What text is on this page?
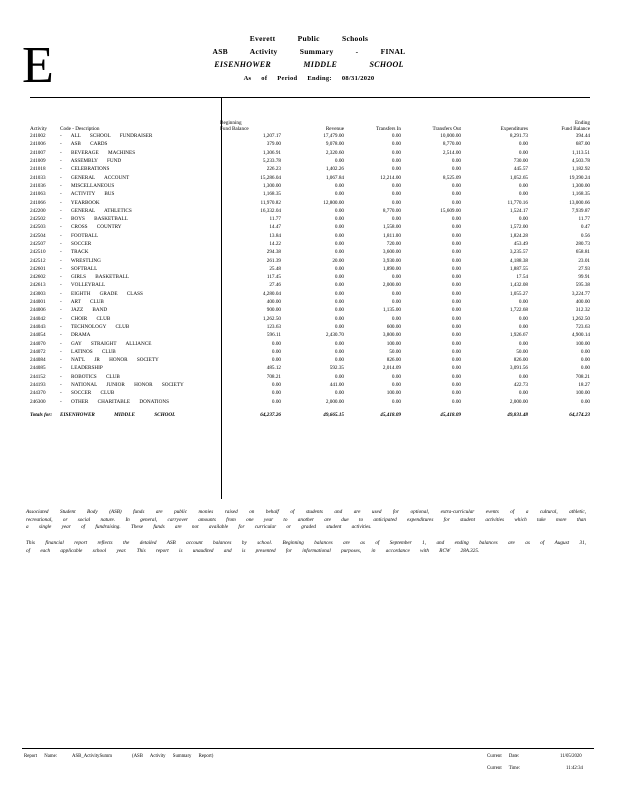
E	Everett Public Schools
ASB Activity Summary - FINAL
EISENHOWER MIDDLE SCHOOL
As of Period Ending: 08/31/2020
Activity	Code - Description	Beginning
Fund Balance	Revenue	Transfers In	Transfers Out	Expenditures	Ending
Fund Balance
241002	- ALL SCHOOL FUNDRAISER	1,207.17	17,479.00	0.00	10,000.00	8,291.73	394.44
241006	- ASB CARDS	379.00	9,078.00	0.00	8,770.00	0.00	687.00
241007	- BEVERAGE MACHINES	1,306.91	2,320.60	0.00	2,514.00	0.00	1,113.51
241009	- ASSEMBLY FUND	5,233.78	0.00	0.00	0.00	730.00	4,503.78
241018	- CELEBRATIONS	226.23	1,402.26	0.00	0.00	445.57	1,182.92
241033	- GENERAL ACCOUNT	15,286.04	1,067.84	12,214.00	8,525.09	1,052.65	19,390.24
241036	- MISCELLANEOUS	1,300.00	0.00	0.00	0.00	0.00	1,300.00
241063	- ACTIVITY BUS	1,168.35	0.00	0.00	0.00	0.00	1,168.35
241066	- YEARBOOK	11,970.82	12,800.00	0.00	0.00	11,770.16	13,000.66
242200	- GENERAL ATHLETICS	16,332.04	0.00	8,770.00	15,609.00	1,524.17	7,939.87
242502	- BOYS BASKETBALL	11.77	0.00	0.00	0.00	0.00	11.77
242503	- CROSS COUNTRY	14.47	0.00	1,558.00	0.00	1,572.00	0.47
242504	- FOOTBALL	13.84	0.00	1,811.00	0.00	1,824.28	0.56
242507	- SOCCER	14.22	0.00	720.00	0.00	453.49	280.73
242510	- TRACK	294.38	0.00	3,600.00	0.00	3,235.57	658.81
242512	- WRESTLING	261.39	20.00	3,930.00	0.00	4,188.38	23.01
242601	- SOFTBALL	25.48	0.00	1,890.00	0.00	1,887.55	27.93
242602	- GIRLS BASKETBALL	117.45	0.00	0.00	0.00	17.54	99.91
242613	- VOLLEYBALL	27.46	0.00	2,000.00	0.00	1,432.08	595.38
243003	- EIGHTH GRADE CLASS	4,280.04	0.00	0.00	0.00	1,055.27	3,224.77
244001	- ART CLUB	400.00	0.00	0.00	0.00	0.00	400.00
244006	- JAZZ BAND	900.00	0.00	1,135.00	0.00	1,722.68	312.32
244042	- CHOIR CLUB	1,262.50	0.00	0.00	0.00	0.00	1,262.50
244043	- TECHNOLOGY CLUB	123.63	0.00	600.00	0.00	0.00	723.63
244054	- DRAMA	596.11	2,430.70	3,800.00	0.00	1,926.67	4,900.14
244070	- GAY STRAIGHT ALLIANCE	0.00	0.00	100.00	0.00	0.00	100.00
244072	- LATINOS CLUB	0.00	0.00	50.00	0.00	50.00	0.00
244084	- NAT'L JR HONOR SOCIETY	0.00	0.00	826.00	0.00	826.00	0.00
244085	- LEADERSHIP	485.12	592.35	2,014.09	0.00	3,091.56	0.00
244152	- ROBOTICS CLUB	708.21	0.00	0.00	0.00	0.00	708.21
244193	- NATIONAL JUNIOR HONOR SOCIETY	0.00	441.00	0.00	0.00	422.73	18.27
244370	- SOCCER CLUB	0.00	0.00	100.00	0.00	0.00	100.00
246300	- OTHER CHARITABLE DONATIONS	0.00	2,000.00	0.00	0.00	2,000.00	0.00
Totals for:	EISENHOWER MIDDLE SCHOOL	64,237.26	49,665.15	45,418.09	45,418.09	49,831.48	64,174.23
Associated Student Body (ASB) funds are public monies raised on behalf of students and are used for optional, extra-curricular events of a cultural, athletic, recreational, or social nature. In general, carryover amounts from one year to another are due to anticipated expenditures for student activities which take more than a single year of fundraising. These funds are not available for curricular or graded student activities.
This financial report reflects the detailed ASB account balances by school. Beginning balances are as of September 1, and ending balances are as of August 31, of each applicable school year. This report is unaudited and is presented for informational purposes, in accordance with RCW 28A.325.
Report Name:	ASB_ActivitySumm	(ASB Activity Summary Report)	Current Date:	11/05/2020
Current Time:	11:42:34
